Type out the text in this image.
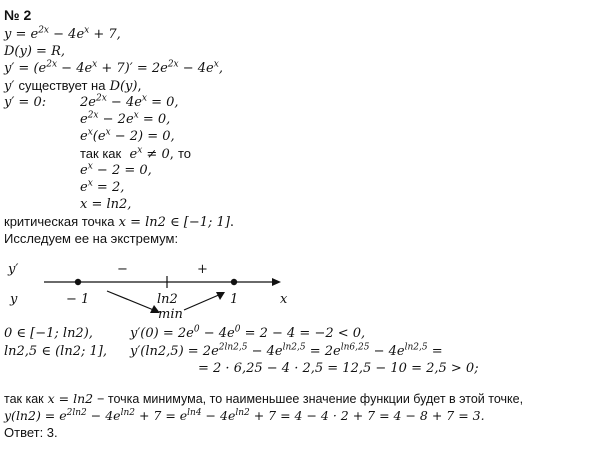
№ 2
$y = e^{2x} - 4e^x + 7$,
D(y) = R,
$y' = (e^{2x} - 4e^x + 7)' = 2e^{2x} - 4e^x$,
y′ существует на D(y),
y′ = 0:	$2e^{2x} - 4e^x = 0$,
$e^{2x} - 2e^x = 0$,
$e^x(e^x - 2) = 0$,
так как $e^x \ne 0$, то
$e^x - 2 = 0$,
$e^x = 2$,
x = ln2,
критическая точка x = ln2 ∈ [−1; 1].
Исследуем ее на экстремум:
y′	−	+
y	− 1	ln2	1	x
min
0 ∈ [−1; ln2),	$y'(0) = 2e^0 - 4e^0 = 2 - 4 = -2 < 0$,
ln2,5 ∈ (ln2; 1], $y'(\ln 2,5) = 2e^{2ln2,5} - 4e^{ln2,5} = 2e^{ln6,25} - 4e^{ln2,5}$ =
= 2 · 6,25 − 4 · 2,5 = 12,5 − 10 = 2,5 > 0;
так как x = ln2 − точка минимума, то наименьшее значение функции будет в этой точке,
$y(\ln 2) = e^{2ln2} - 4e^{ln2} + 7 = e^{ln4} - 4e^{ln2} + 7 = 4 - 4 \cdot 2 + 7 = 4 - 8 + 7 = 3$.
Ответ: 3.
